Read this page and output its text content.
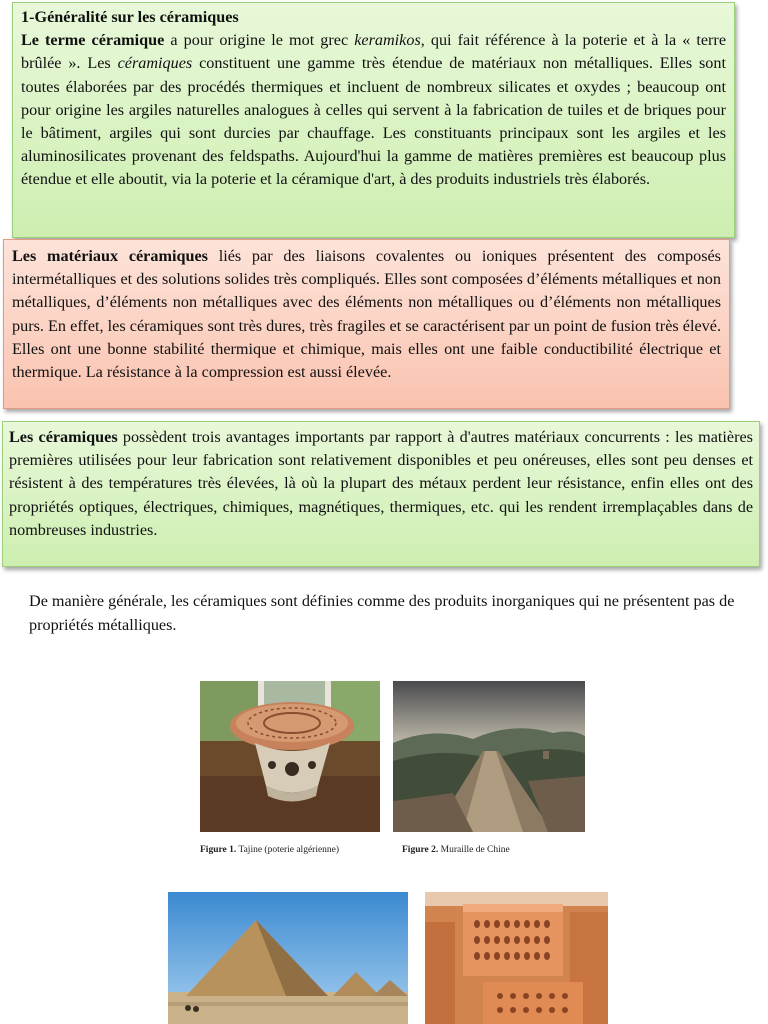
1-Généralité sur les céramiques

Le terme céramique a pour origine le mot grec keramikos, qui fait référence à la poterie et à la « terre brûlée ». Les céramiques constituent une gamme très étendue de matériaux non métalliques. Elles sont toutes élaborées par des procédés thermiques et incluent de nombreux silicates et oxydes ; beaucoup ont pour origine les argiles naturelles analogues à celles qui servent à la fabrication de tuiles et de briques pour le bâtiment, argiles qui sont durcies par chauffage. Les constituants principaux sont les argiles et les aluminosilicates provenant des feldspaths. Aujourd'hui la gamme de matières premières est beaucoup plus étendue et elle aboutit, via la poterie et la céramique d'art, à des produits industriels très élaborés.

Les matériaux céramiques liés par des liaisons covalentes ou ioniques présentent des composés intermétalliques et des solutions solides très compliqués. Elles sont composées d’éléments métalliques et non métalliques, d’éléments non métalliques avec des éléments non métalliques ou d’éléments non métalliques purs. En effet, les céramiques sont très dures, très fragiles et se caractérisent par un point de fusion très élevé. Elles ont une bonne stabilité thermique et chimique, mais elles ont une faible conductibilité électrique et thermique. La résistance à la compression est aussi élevée.

Les céramiques possèdent trois avantages importants par rapport à d'autres matériaux concurrents : les matières premières utilisées pour leur fabrication sont relativement disponibles et peu onéreuses, elles sont peu denses et résistent à des températures très élevées, là où la plupart des métaux perdent leur résistance, enfin elles ont des propriétés optiques, électriques, chimiques, magnétiques, thermiques, etc. qui les rendent irremplaçables dans de nombreuses industries.

De manière générale, les céramiques sont définies comme des produits inorganiques qui ne présentent pas de propriétés métalliques.
Figure 1. Tajine (poterie algérienne)	Figure 2. Muraille de Chine
